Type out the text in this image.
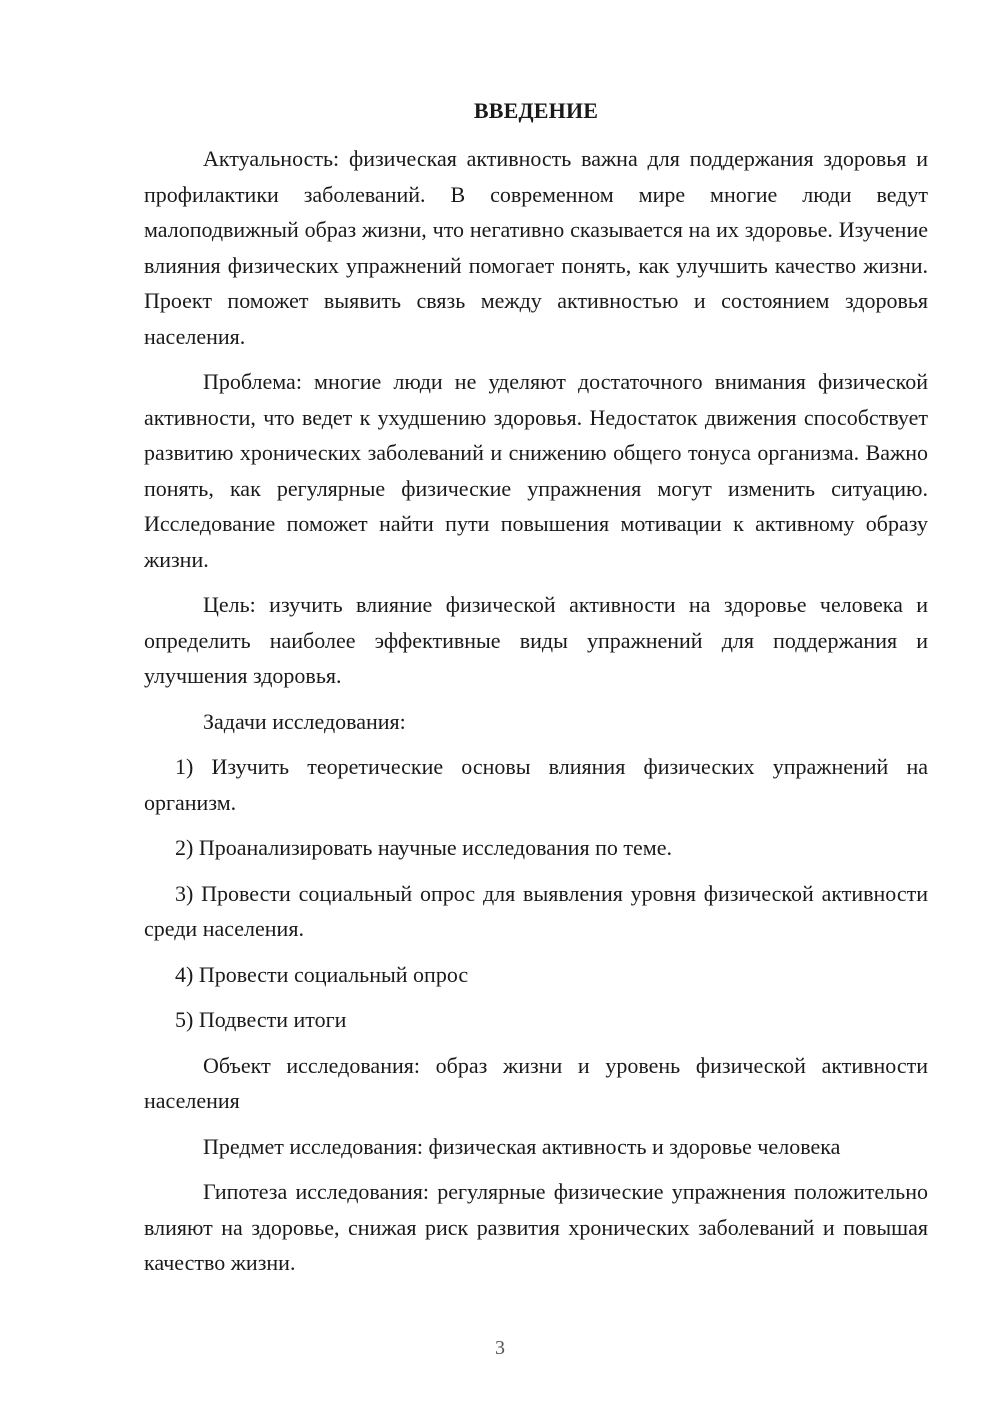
ВВЕДЕНИЕ

Актуальность: физическая активность важна для поддержания здоровья и профилактики заболеваний. В современном мире многие люди ведут малоподвижный образ жизни, что негативно сказывается на их здоровье. Изучение влияния физических упражнений помогает понять, как улучшить качество жизни. Проект поможет выявить связь между активностью и состоянием здоровья населения.

Проблема: многие люди не уделяют достаточного внимания физической активности, что ведет к ухудшению здоровья. Недостаток движения способствует развитию хронических заболеваний и снижению общего тонуса организма. Важно понять, как регулярные физические упражнения могут изменить ситуацию. Исследование поможет найти пути повышения мотивации к активному образу жизни.

Цель: изучить влияние физической активности на здоровье человека и определить наиболее эффективные виды упражнений для поддержания и улучшения здоровья.

Задачи исследования:

1) Изучить теоретические основы влияния физических упражнений на организм.

2) Проанализировать научные исследования по теме.

3) Провести социальный опрос для выявления уровня физической активности среди населения.

4) Провести социальный опрос

5) Подвести итоги

Объект исследования: образ жизни и уровень физической активности населения

Предмет исследования: физическая активность и здоровье человека

Гипотеза исследования: регулярные физические упражнения положительно влияют на здоровье, снижая риск развития хронических заболеваний и повышая качество жизни.

3
